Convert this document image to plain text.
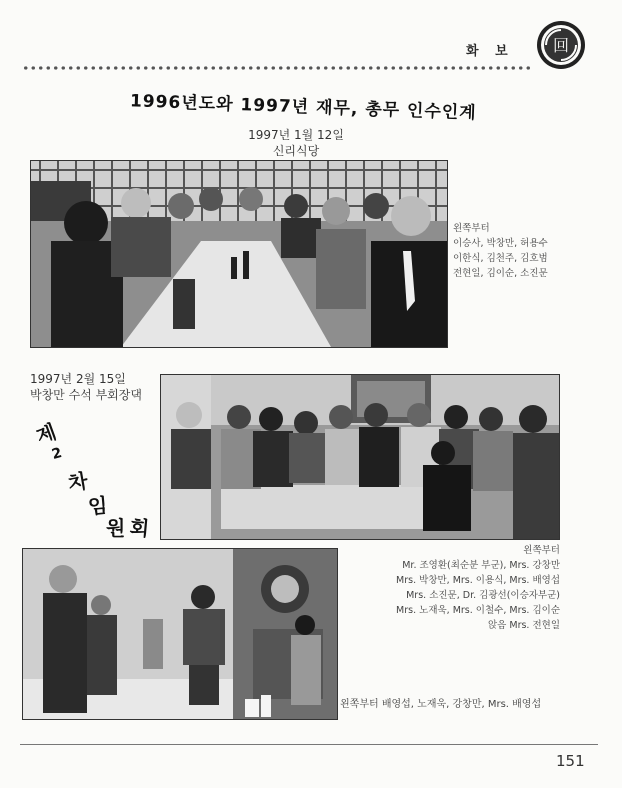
화 보 回
1996년도와 1997년 재무, 총무 인수인계
1997년 1월 12일
신리식당
왼쪽부터
이승사, 박창만, 허용수
이한식, 김천주, 김호범
전현일, 김이순, 소진문
1997년 2월 15일
박창만 수석 부회장댁
제
2
차
임
원 회
왼쪽부터
Mr. 조영환(최순분 부군), Mrs. 강창만
Mrs. 박창만, Mrs. 이용식, Mrs. 배영섭
Mrs. 소진문, Dr. 김광선(이승자부군)
Mrs. 노재욱, Mrs. 이철수, Mrs. 김이순
앉음 Mrs. 전현일
왼쪽부터 배영섭, 노재욱, 강창만, Mrs. 배영섭
151
